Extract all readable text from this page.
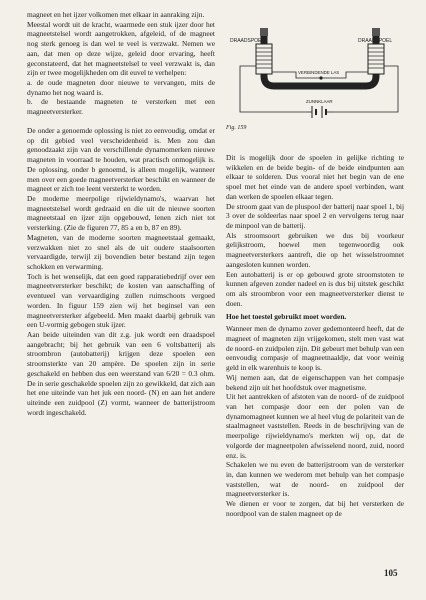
magneet en het ijzer volkomen met elkaar in aanraking zijn.

Meestal wordt uit de kracht, waarmede een stuk ijzer door het magneetstelsel wordt aangetrokken, afgeleid, of de magneet nog sterk genoeg is dan wel te veel is verzwakt. Nemen we aan, dat men op deze wijze, geleid door ervaring, heeft geconstateerd, dat het magneetstelsel te veel verzwakt is, dan zijn er twee mogelijkheden om dit euvel te verhelpen:

a. de oude magneten door nieuwe te vervangen, mits de dynamo het nog waard is.

b. de bestaande magneten te versterken met een magneetversterker.

De onder a genoemde oplossing is niet zo eenvoudig, omdat er op dit gebied veel verscheidenheid is. Men zou dan genoodzaakt zijn van de verschillende dynamomerken nieuwe magneten in voorraad te houden, wat practisch onmogelijk is. De oplossing, onder b genoemd, is alleen mogelijk, wanneer men over een goede magneetversterker beschikt en wanneer de magneet er zich toe leent versterkt te worden.

De moderne meerpolige rijwieldynamo's, waarvan het magneetstelsel wordt gedraaid en die uit de nieuwe soorten magneetstaal en ijzer zijn opgebouwd, lenen zich niet tot versterking. (Zie de figuren 77, 85 a en b, 87 en 89).

Magneten, van de moderne soorten magneetstaal gemaakt, verzwakken niet zo snel als de uit oudere staalsoorten vervaardigde, terwijl zij bovendien beter bestand zijn tegen schokken en verwarming.

Toch is het wenselijk, dat een goed rapparatiebedrijf over een magneetversterker beschikt; de kosten van aanschaffing of eventueel van vervaardiging zullen ruimschoots vergoed worden. In figuur 159 zien wij het beginsel van een magneetversterker afgebeeld. Men maakt daarbij gebruik van een U-vormig gebogen stuk ijzer.

Aan beide uiteinden van dit z.g. juk wordt een draadspoel aangebracht; bij het gebruik van een 6 voltsbatterij als stroombron (autobatterij) krijgen deze spoelen een stroomsterkte van 20 ampère. De spoelen zijn in serie geschakeld en hebben dus een weerstand van 6/20 = 0.3 ohm. De in serie geschakelde spoelen zijn zo gewikkeld, dat zich aan het ene uiteinde van het juk een noord- (N) en aan het andere uiteinde een zuidpool (Z) vormt, wanneer de batterijstroom wordt ingeschakeld.

DRAADSPOEL	DRAADSPOEL
VERBINDENDE LAS
ZUNNKLAAR
Fig. 159

Dit is mogelijk door de spoelen in gelijke richting te wikkelen en de beide begin- of de beide eindpunten aan elkaar te solderen. Dus vooral niet het begin van de ene spoel met het einde van de andere spoel verbinden, want dan werken de spoelen elkaar tegen.

De stroom gaat van de pluspool der batterij naar spoel 1, bij 3 over de soldeerlas naar spoel 2 en vervolgens terug naar de minpool van de batterij.

Als stroomsoort gebruiken we dus bij voorkeur gelijkstroom, hoewel men tegenwoordig ook magneetversterkers aantreft, die op het wisselstroomnet aangesloten kunnen worden.

Een autobatterij is er op gebouwd grote stroomstoten te kunnen afgeven zonder nadeel en is dus bij uitstek geschikt om als stroombron voor een magneetversterker dienst te doen.

Hoe het toestel gebruikt moet worden.

Wanneer men de dynamo zover gedemonteerd heeft, dat de magneet of magneten zijn vrijgekomen, stelt men vast wat de noord- en zuidpolen zijn. Dit gebeurt met behulp van een eenvoudig compasje of magneetnaaldje, dat voor weinig geld in elk warenhuis te koop is.

Wij nemen aan, dat de eigenschappen van het compasje bekend zijn uit het hoofdstuk over magnetisme.

Uit het aantrekken of afstoten van de noord- of de zuidpool van het compasje door een der polen van de dynamomagneet kunnen we al heel vlug de polariteit van de staalmagneet vaststellen. Reeds in de beschrijving van de meerpolige rijwieldynamo's merkten wij op, dat de volgorde der magneetpolen afwisselend noord, zuid, noord enz. is.

Schakelen we nu even de batterijstroom van de versterker in, dan kunnen we wederom met behulp van het compasje vaststellen, wat de noord- en zuidpool der magneetversterker is.

We dienen er voor te zorgen, dat bij het versterken de noordpool van de stalen magneet op de

105
